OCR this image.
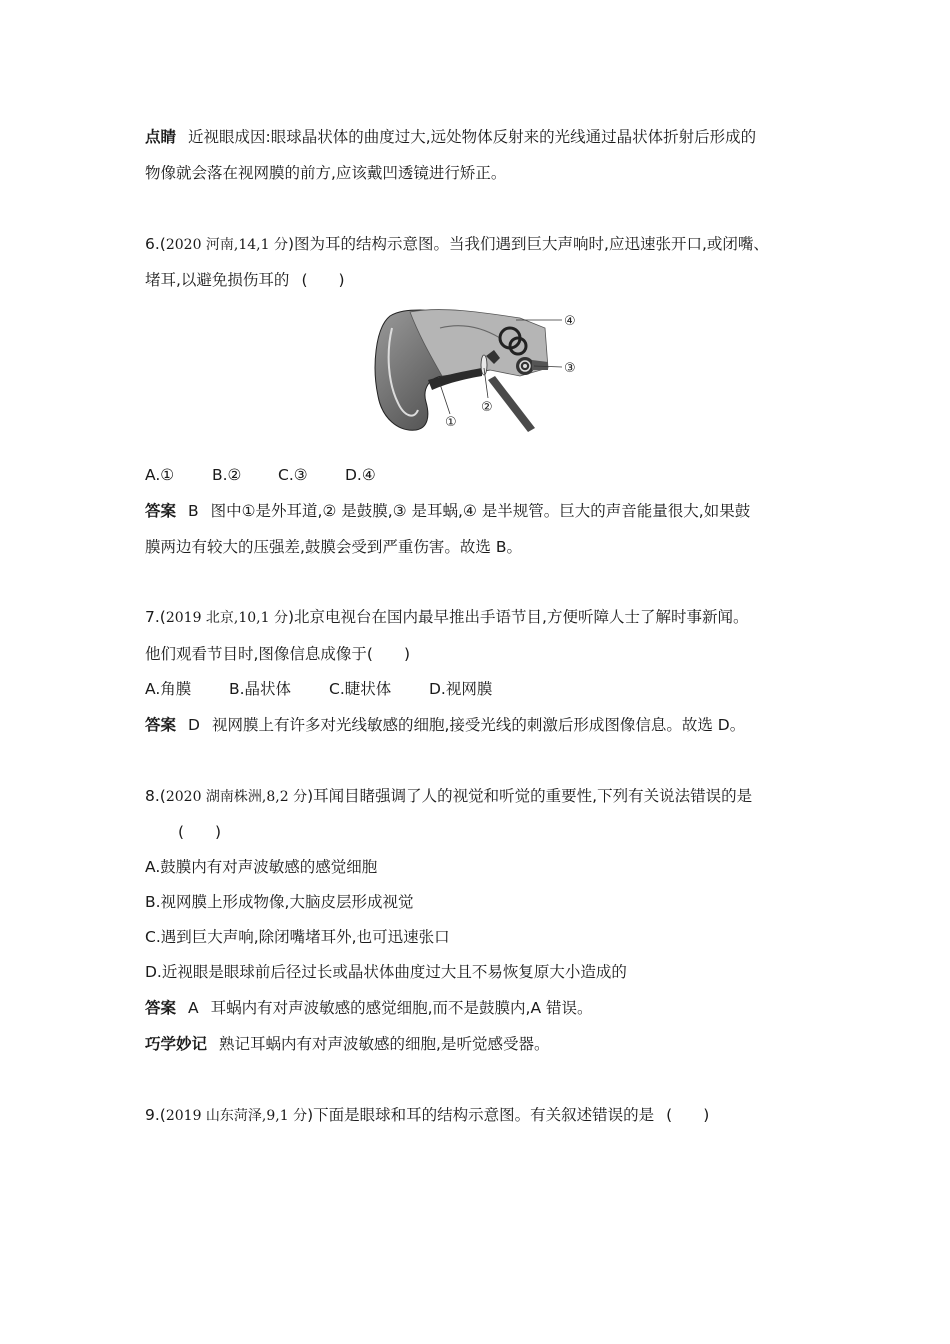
点睛 近视眼成因:眼球晶状体的曲度过大,远处物体反射来的光线通过晶状体折射后形成的
物像就会落在视网膜的前方,应该戴凹透镜进行矫正。
6.(2020 河南,14,1 分)图为耳的结构示意图。当我们遇到巨大声响时,应迅速张开口,或闭嘴、
堵耳,以避免损伤耳的 (　　)
④
③
②
①
A.① B.② C.③ D.④
答案 B 图中①是外耳道,② 是鼓膜,③ 是耳蜗,④ 是半规管。巨大的声音能量很大,如果鼓
膜两边有较大的压强差,鼓膜会受到严重伤害。故选 B。
7.(2019 北京,10,1 分)北京电视台在国内最早推出手语节目,方便听障人士了解时事新闻。
他们观看节目时,图像信息成像于(　　)
A.角膜 B.晶状体 C.睫状体 D.视网膜
答案 D 视网膜上有许多对光线敏感的细胞,接受光线的刺激后形成图像信息。故选 D。
8.(2020 湖南株洲,8,2 分)耳闻目睹强调了人的视觉和听觉的重要性,下列有关说法错误的是
(　　)
A.鼓膜内有对声波敏感的感觉细胞
B.视网膜上形成物像,大脑皮层形成视觉
C.遇到巨大声响,除闭嘴堵耳外,也可迅速张口
D.近视眼是眼球前后径过长或晶状体曲度过大且不易恢复原大小造成的
答案 A 耳蜗内有对声波敏感的感觉细胞,而不是鼓膜内,A 错误。
巧学妙记 熟记耳蜗内有对声波敏感的细胞,是听觉感受器。
9.(2019 山东菏泽,9,1 分)下面是眼球和耳的结构示意图。有关叙述错误的是 (　　)
